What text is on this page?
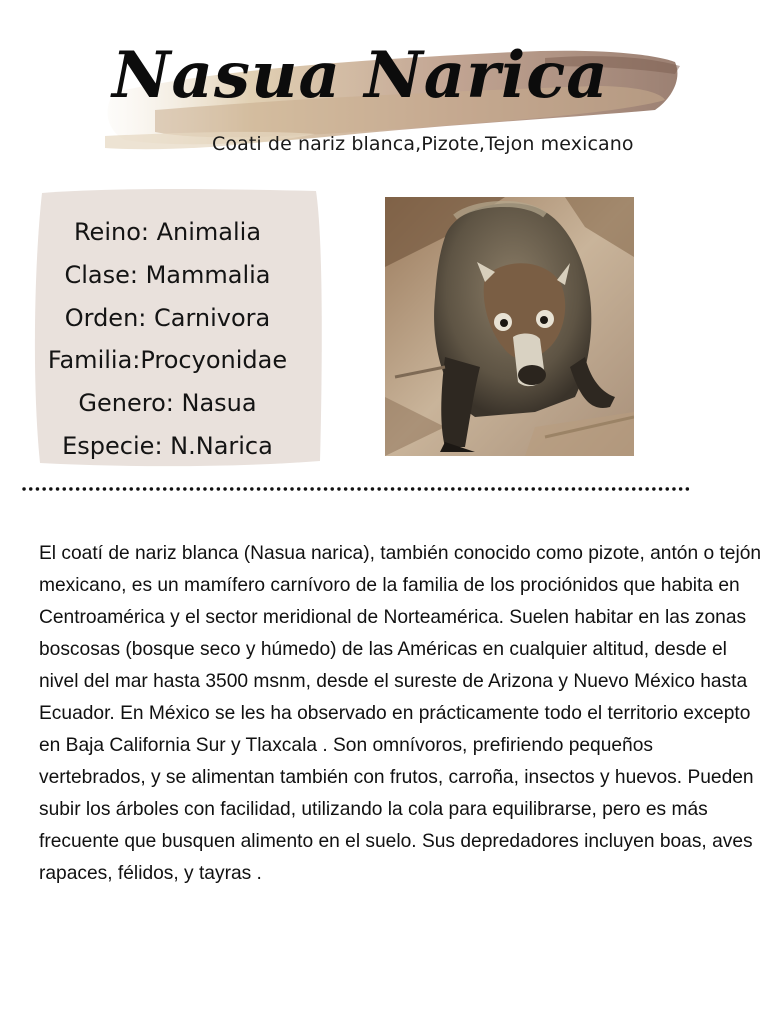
Nasua Narica
Coati de nariz blanca,Pizote,Tejon mexicano
Reino: Animalia
Clase: Mammalia
Orden: Carnivora
Familia:Procyonidae
Genero: Nasua
Especie: N.Narica

El coatí de nariz blanca (Nasua narica), también conocido como pizote, antón o tejón mexicano, es un mamífero carnívoro de la familia de los prociónidos que habita en Centroamérica y el sector meridional de Norteamérica. Suelen habitar en las zonas boscosas (bosque seco y húmedo) de las Américas en cualquier altitud, desde el nivel del mar hasta 3500 msnm, desde el sureste de Arizona y Nuevo México hasta Ecuador. En México se les ha observado en prácticamente todo el territorio excepto en Baja California Sur y Tlaxcala . Son omnívoros, prefiriendo pequeños vertebrados, y se alimentan también con frutos, carroña, insectos y huevos. Pueden subir los árboles con facilidad, utilizando la cola para equilibrarse, pero es más frecuente que busquen alimento en el suelo. Sus depredadores incluyen boas, aves rapaces, félidos, y tayras .
